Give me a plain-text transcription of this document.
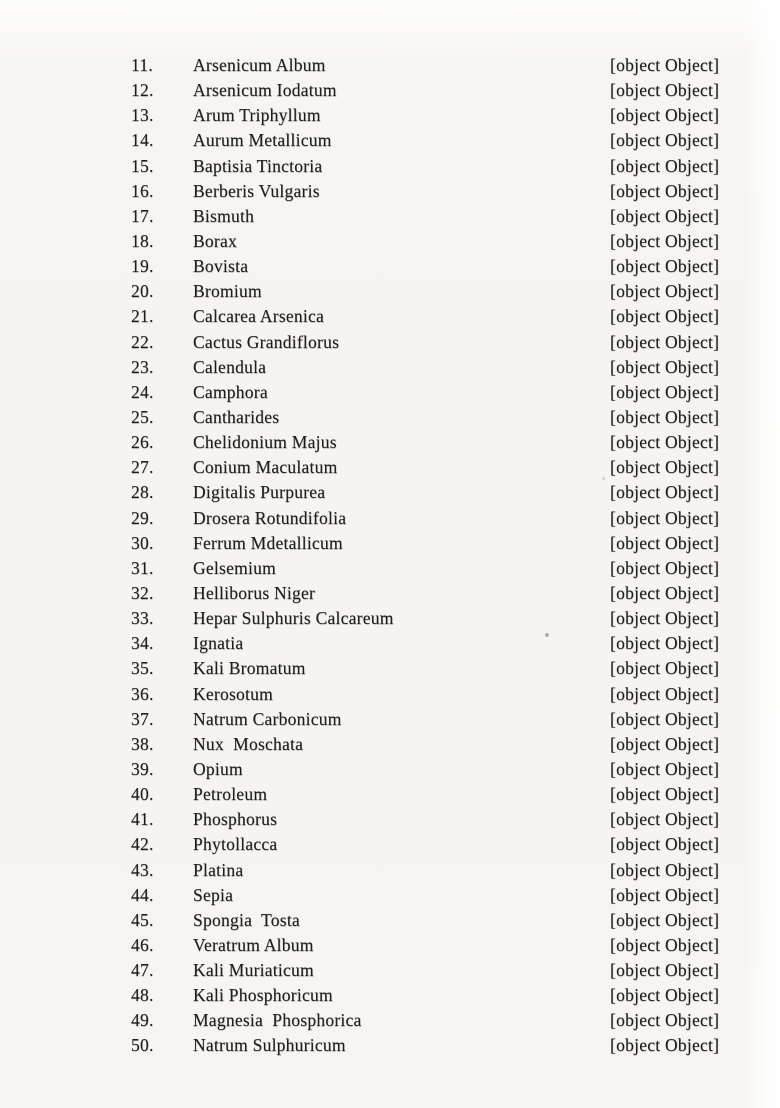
11. Arsenicum Album	[object Object]
12. Arsenicum Iodatum	[object Object]
13. Arum Triphyllum	[object Object]
14. Aurum Metallicum	[object Object]
15. Baptisia Tinctoria	[object Object]
16. Berberis Vulgaris	[object Object]
17. Bismuth	[object Object]
18. Borax	[object Object]
19. Bovista	[object Object]
20. Bromium	[object Object]
21. Calcarea Arsenica	[object Object]
22. Cactus Grandiflorus	[object Object]
23. Calendula	[object Object]
24. Camphora	[object Object]
25. Cantharides	[object Object]
26. Chelidonium Majus	[object Object]
27. Conium Maculatum	[object Object]
28. Digitalis Purpurea	[object Object]
29. Drosera Rotundifolia	[object Object]
30. Ferrum Mdetallicum	[object Object]
31. Gelsemium	[object Object]
32. Helliborus Niger	[object Object]
33. Hepar Sulphuris Calcareum	[object Object]
34. Ignatia	[object Object]
35. Kali Bromatum	[object Object]
36. Kerosotum	[object Object]
37. Natrum Carbonicum	[object Object]
38. Nux  Moschata	[object Object]
39. Opium	[object Object]
40. Petroleum	[object Object]
41. Phosphorus	[object Object]
42. Phytollacca	[object Object]
43. Platina	[object Object]
44. Sepia	[object Object]
45. Spongia  Tosta	[object Object]
46. Veratrum Album	[object Object]
47. Kali Muriaticum	[object Object]
48. Kali Phosphoricum	[object Object]
49. Magnesia  Phosphorica	[object Object]
50. Natrum Sulphuricum	[object Object]
